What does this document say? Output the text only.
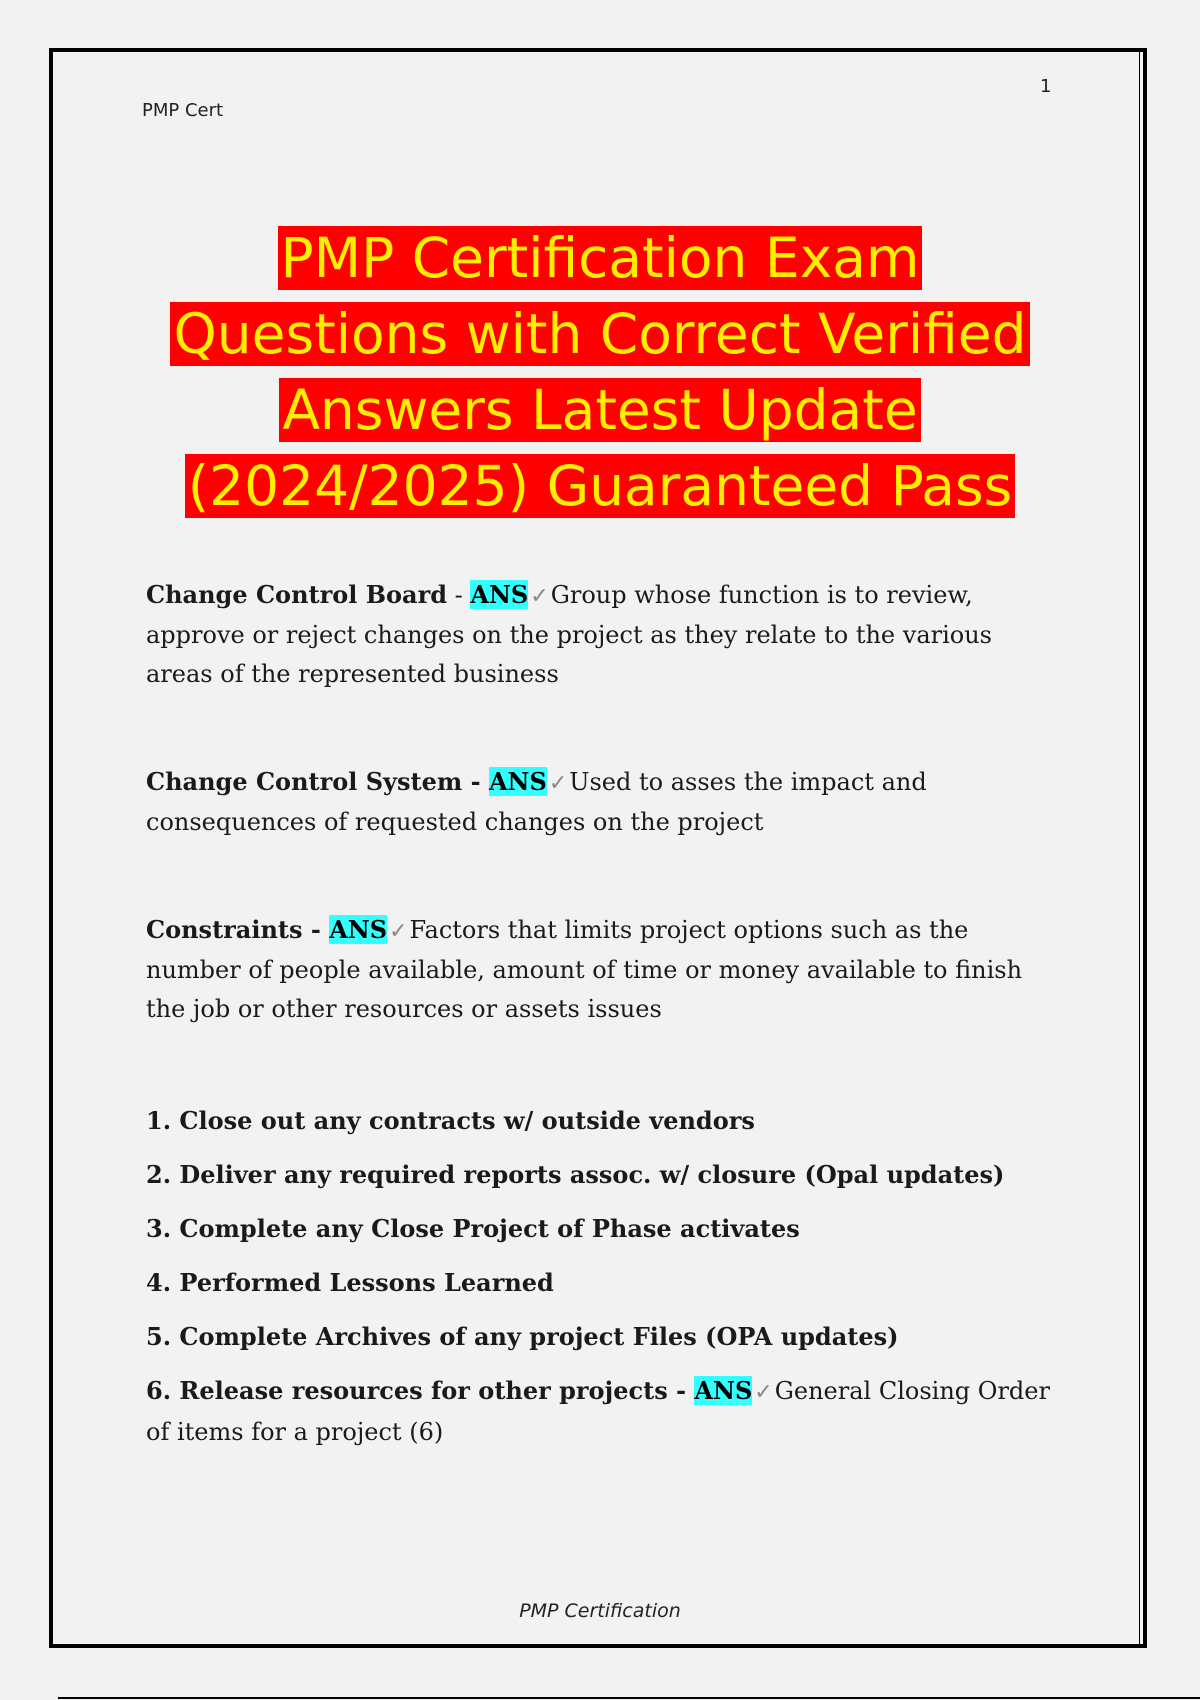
PMP Cert
1
PMP Certification Exam
Questions with Correct Verified
Answers Latest Update
(2024/2025) Guaranteed Pass

Change Control Board - ANS✓Group whose function is to review, approve or reject changes on the project as they relate to the various areas of the represented business

Change Control System - ANS✓Used to asses the impact and consequences of requested changes on the project

Constraints - ANS✓Factors that limits project options such as the number of people available, amount of time or money available to finish the job or other resources or assets issues

1. Close out any contracts w/ outside vendors

2. Deliver any required reports assoc. w/ closure (Opal updates)

3. Complete any Close Project of Phase activates

4. Performed Lessons Learned

5. Complete Archives of any project Files (OPA updates)

6. Release resources for other projects - ANS✓General Closing Order of items for a project (6)

PMP Certification
